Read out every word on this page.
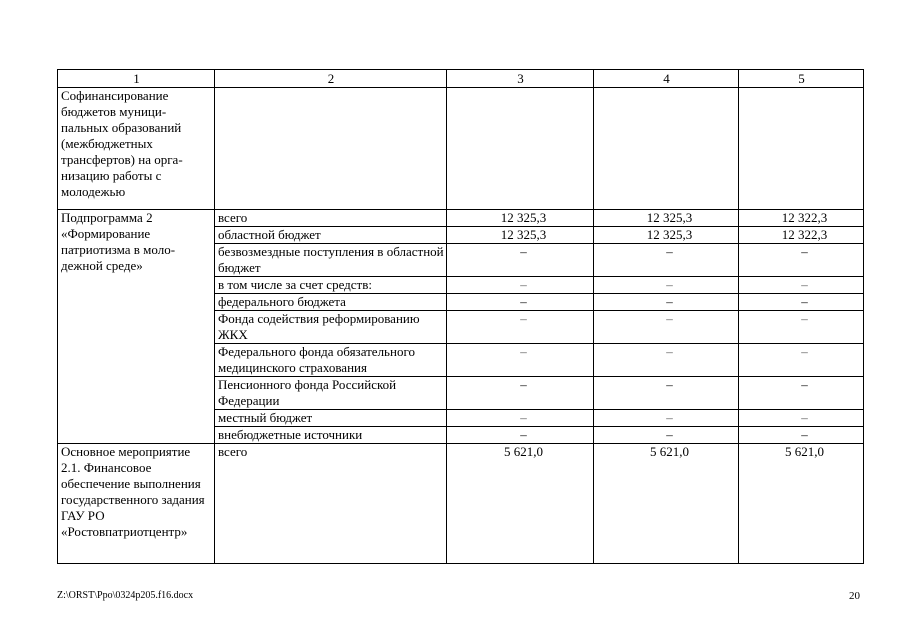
1	2	3	4	5
Софинансирование бюджетов муници-пальных образований (межбюджетных трансфертов) на орга-низацию работы с молодежью				
Подпрограмма 2 «Формирование патриотизма в моло-дежной среде»	всего	12 325,3	12 325,3	12 322,3
	областной бюджет	12 325,3	12 325,3	12 322,3
	безвозмездные поступления в областной бюджет	–	–	–
	в том числе за счет средств:	–	–	–
	федерального бюджета	–	–	–
	Фонда содействия реформированию ЖКХ	–	–	–
	Федерального фонда обязательного медицинского страхования	–	–	–
	Пенсионного фонда Российской Федерации	–	–	–
	местный бюджет	–	–	–
	внебюджетные источники	–	–	–
Основное мероприятие 2.1. Финансовое обеспечение выполнения государственного задания ГАУ РО «Ростовпатриотцентр»	всего	5 621,0	5 621,0	5 621,0
Z:\ORST\Ppo\0324p205.f16.docx	20
